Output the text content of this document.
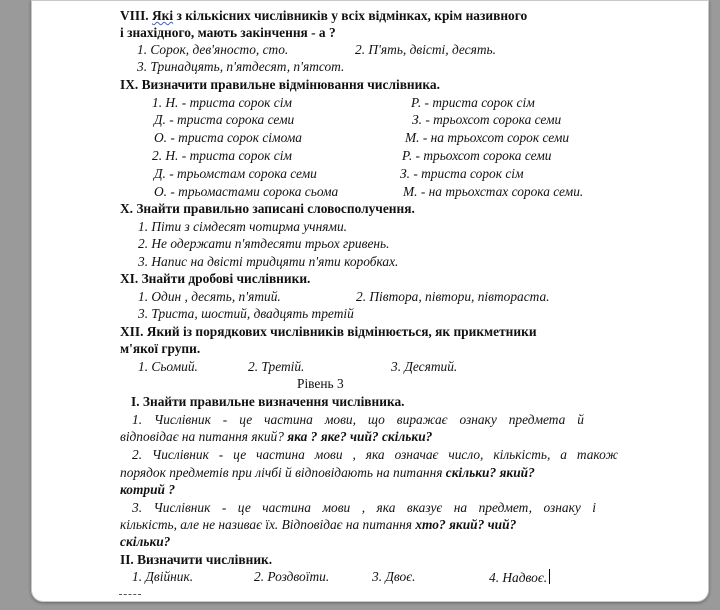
VIII. Які з кількісних числівників у всіх відмінках, крім називного
і знахідного, мають закінчення - а ?
1. Сорок, дев'яносто, сто.	2. П'ять, двісті, десять.
3. Тринадцять, п'ятдесят, п'ятсот.
IX. Визначити правильне відмінювання числівника.
1. Н. - триста сорок сім	Р. - триста сорок сім
Д. - триста сорока семи	З. - трьохсот сорока семи
О. - триста сорок сімома	М. - на трьохсот сорок семи
2. Н. - триста сорок сім	Р. - трьохсот сорока семи
Д. - трьомстам сорока семи	З. - триста сорок сім
О. - трьомастами сорока сьома	М. - на трьохстах сорока семи.
X. Знайти правильно записані словосполучення.
1. Піти з сімдесят чотирма учнями.
2. Не одержати п'ятдесяти трьох гривень.
3. Напис на двісті тридцяти п'яти коробках.
XI. Знайти дробові числівники.
1. Один , десять, п'ятий.	2. Півтора, півтори, півтораста.
3. Триста, шостий, двадцять третій
XII. Який із порядкових числівників відмінюється, як прикметники
м'якої групи.
1. Сьомий.	2. Третій.	3. Десятий.
Рівень 3
I. Знайти правильне визначення числівника.
1. Числівник - це частина мови, що виражає ознаку предмета й
відповідає на питання який? яка ? яке? чий? скільки?
2. Числівник - це частина мови , яка означає число, кількість, а також
порядок предметів при лічбі й відповідають на питання скільки? який?
котрий ?
3. Числівник - це частина мови , яка вказує на предмет, ознаку і
кількість, але не називає їх. Відповідає на питання хто? який? чий?
скільки?
II. Визначити числівник.
1. Двійник.	2. Роздвоїти.	3. Двоє.	4. Надвоє.
